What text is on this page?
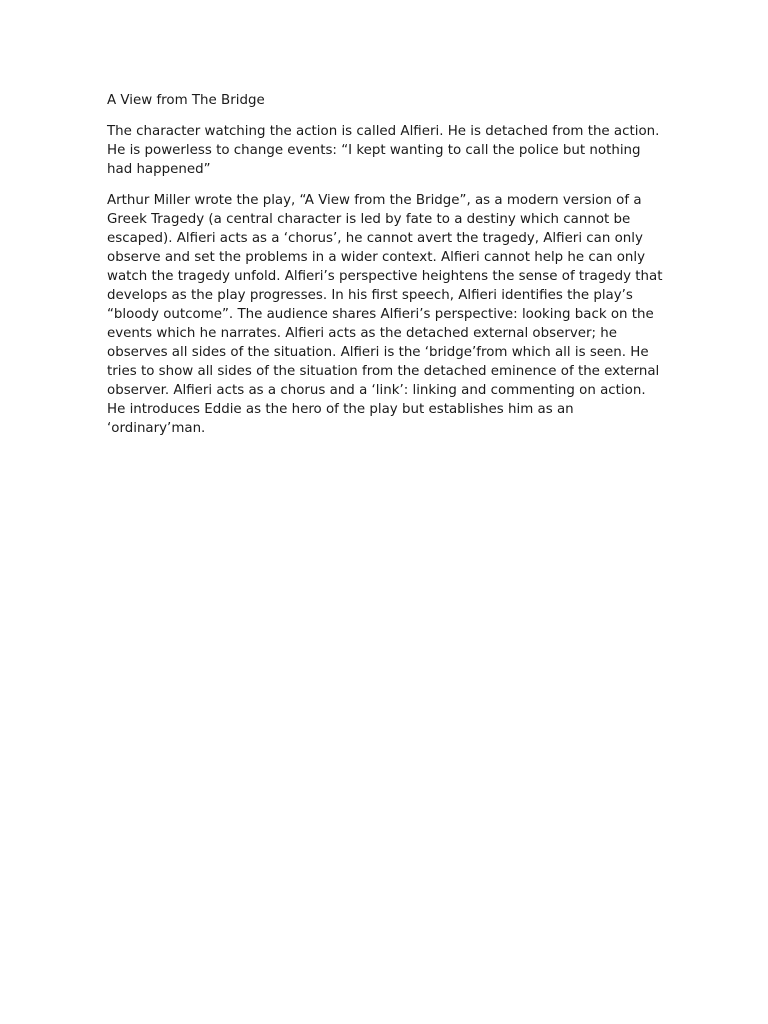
A View from The Bridge

The character watching the action is called Alfieri. He is detached from the action. He is powerless to change events: “I kept wanting to call the police but nothing had happened”

Arthur Miller wrote the play, “A View from the Bridge”, as a modern version of a Greek Tragedy (a central character is led by fate to a destiny which cannot be escaped). Alfieri acts as a ‘chorus’, he cannot avert the tragedy, Alfieri can only observe and set the problems in a wider context. Alfieri cannot help he can only watch the tragedy unfold. Alfieri’s perspective heightens the sense of tragedy that develops as the play progresses. In his first speech, Alfieri identifies the play’s “bloody outcome”. The audience shares Alfieri’s perspective: looking back on the events which he narrates. Alfieri acts as the detached external observer; he observes all sides of the situation. Alfieri is the ‘bridge’from which all is seen. He tries to show all sides of the situation from the detached eminence of the external observer. Alfieri acts as a chorus and a ‘link’: linking and commenting on action. He introduces Eddie as the hero of the play but establishes him as an ‘ordinary’man.
